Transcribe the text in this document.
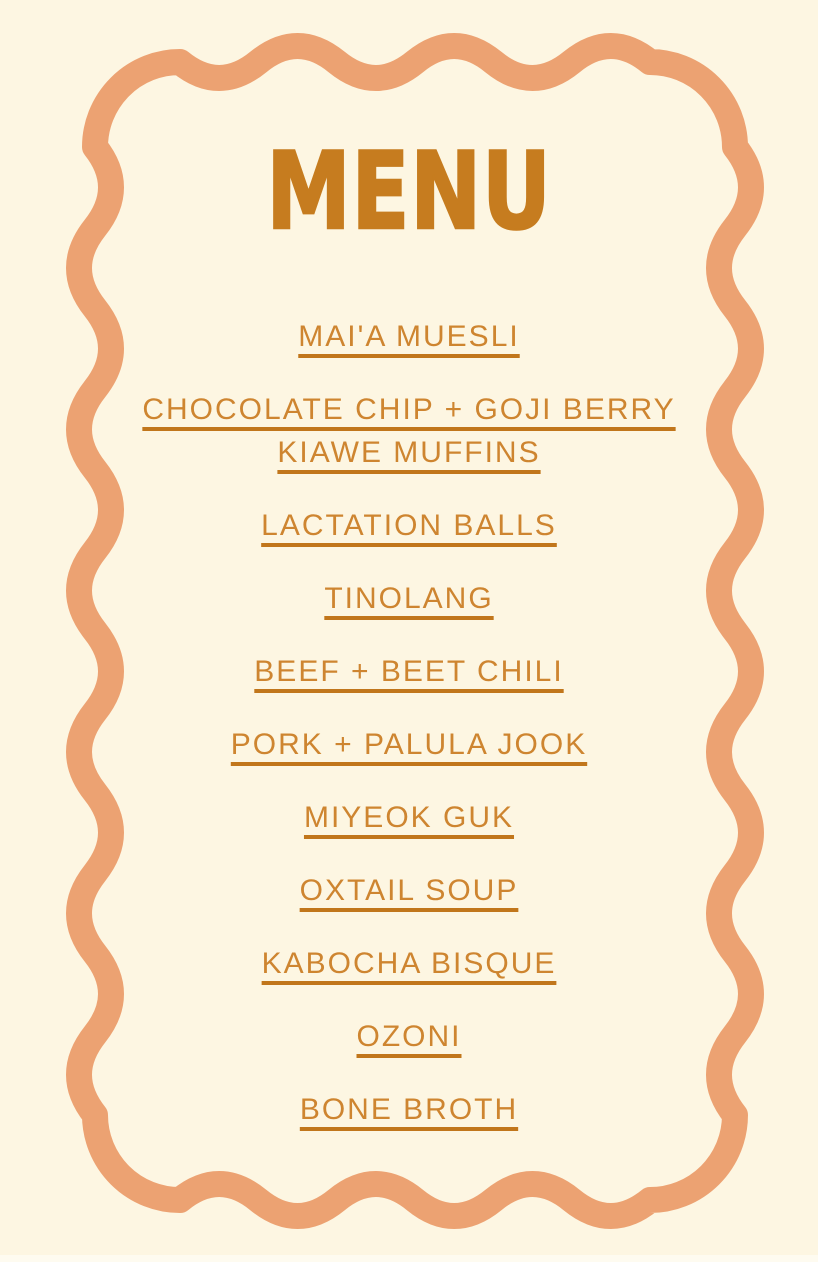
MENU
MAI'A MUESLI
CHOCOLATE CHIP + GOJI BERRY KIAWE MUFFINS
LACTATION BALLS
TINOLANG
BEEF + BEET CHILI
PORK + PALULA JOOK
MIYEOK GUK
OXTAIL SOUP
KABOCHA BISQUE
OZONI
BONE BROTH
